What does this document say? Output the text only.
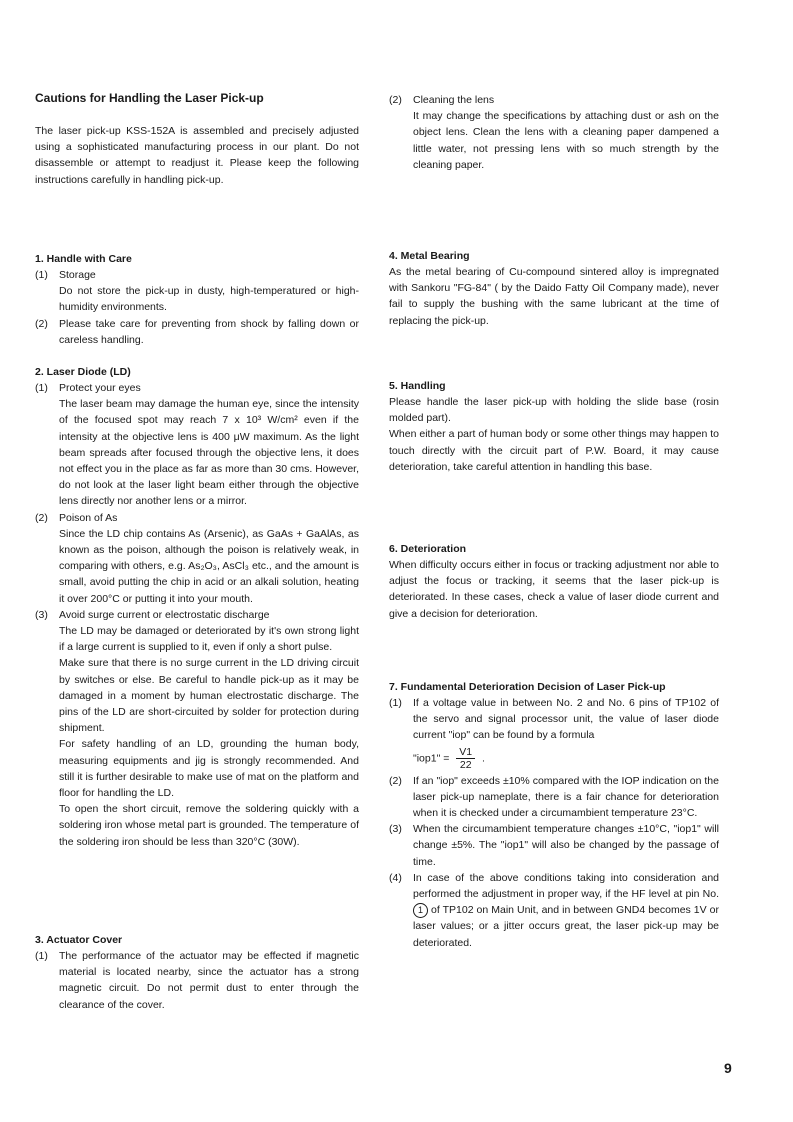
Cautions for Handling the Laser Pick-up

The laser pick-up KSS-152A is assembled and precisely adjusted using a sophisticated manufacturing process in our plant. Do not disassemble or attempt to readjust it. Please keep the following instructions carefully in handling pick-up.

1. Handle with Care

(1) Storage
Do not store the pick-up in dusty, high-temperatured or high-humidity environments.
(2) Please take care for preventing from shock by falling down or careless handling.

2. Laser Diode (LD)

(1) Protect your eyes
The laser beam may damage the human eye, since the intensity of the focused spot may reach 7 x 10³ W/cm² even if the intensity at the objective lens is 400 μW maximum. As the light beam spreads after focused through the objective lens, it does not effect you in the place as far as more than 30 cms. However, do not look at the laser light beam either through the objective lens directly nor another lens or a mirror.
(2) Poison of As
Since the LD chip contains As (Arsenic), as GaAs + GaAlAs, as known as the poison, although the poison is relatively weak, in comparing with others, e.g. As₂O₃, AsCl₃ etc., and the amount is small, avoid putting the chip in acid or an alkali solution, heating it over 200°C or putting it into your mouth.
(3) Avoid surge current or electrostatic discharge
The LD may be damaged or deteriorated by it's own strong light if a large current is supplied to it, even if only a short pulse.
Make sure that there is no surge current in the LD driving circuit by switches or else. Be careful to handle pick-up as it may be damaged in a moment by human electrostatic discharge. The pins of the LD are short-circuited by solder for protection during shipment.
For safety handling of an LD, grounding the human body, measuring equipments and jig is strongly recommended. And still it is further desirable to make use of mat on the platform and floor for handling the LD.
To open the short circuit, remove the soldering quickly with a soldering iron whose metal part is grounded. The temperature of the soldering iron should be less than 320°C (30W).

3. Actuator Cover

(1) The performance of the actuator may be effected if magnetic material is located nearby, since the actuator has a strong magnetic circuit. Do not permit dust to enter through the clearance of the cover.
(2) Cleaning the lens
It may change the specifications by attaching dust or ash on the object lens. Clean the lens with a cleaning paper dampened a little water, not pressing lens with so much strength by the cleaning paper.

4. Metal Bearing

As the metal bearing of Cu-compound sintered alloy is impregnated with Sankoru "FG-84" ( by the Daido Fatty Oil Company made), never fail to supply the bushing with the same lubricant at the time of replacing the pick-up.

5. Handling

Please handle the laser pick-up with holding the slide base (rosin molded part).

When either a part of human body or some other things may happen to touch directly with the circuit part of P.W. Board, it may cause deterioration, take careful attention in handling this base.

6. Deterioration

When difficulty occurs either in focus or tracking adjustment nor able to adjust the focus or tracking, it seems that the laser pick-up is deteriorated. In these cases, check a value of laser diode current and give a decision for deterioration.

7. Fundamental Deterioration Decision of Laser Pick-up

(1) If a voltage value in between No. 2 and No. 6 pins of TP102 of the servo and signal processor unit, the value of laser diode current "iop" can be found by a formula
"iop1" = $\frac{V1}{22}$ .
(2) If an "iop" exceeds ±10% compared with the IOP indication on the laser pick-up nameplate, there is a fair chance for deterioration when it is checked under a circumambient temperature 23°C.
(3) When the circumambient temperature changes ±10°C, "iop1" will change ±5%. The "iop1" will also be changed by the passage of time.
(4) In case of the above conditions taking into consideration and performed the adjustment in proper way, if the HF level at pin No. 1 of TP102 on Main Unit, and in between GND4 becomes 1V or laser values; or a jitter occurs great, the laser pick-up may be deteriorated.
9
